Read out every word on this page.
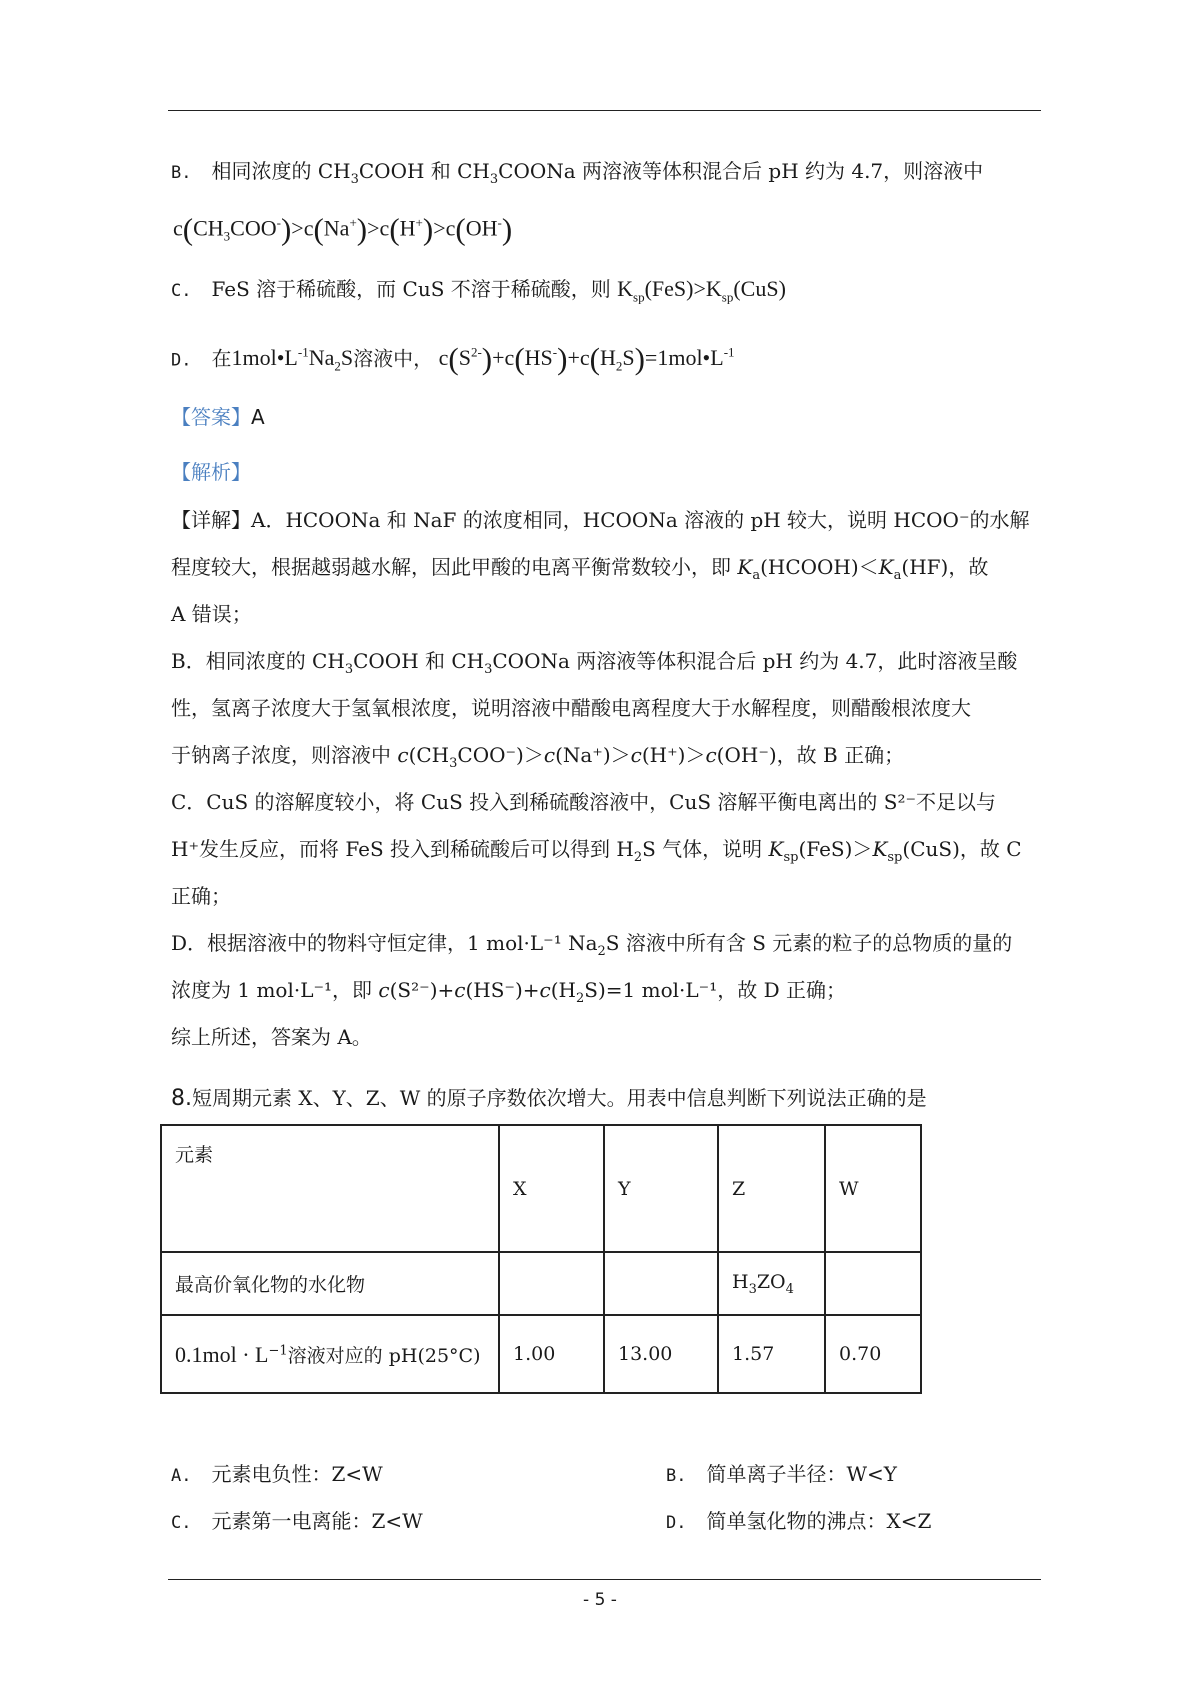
B. 相同浓度的 $CH_3COOH$ 和 $CH_3COONa$ 两溶液等体积混合后 pH 约为 4.7，则溶液中
$c(CH_3COO^-)>c(Na^+)>c(H^+)>c(OH^-)$
C. FeS 溶于稀硫酸，而 CuS 不溶于稀硫酸，则 $K_{sp}(FeS)>K_{sp}(CuS)$
D. 在$1mol•L^{-1}Na_2S$溶液中， $c(S^{2-})+c(HS^-)+c(H_2S)=1mol•L^{-1}$
【答案】A
【解析】
【详解】A．HCOONa 和 NaF 的浓度相同，HCOONa 溶液的 pH 较大，说明 HCOO⁻的水解
程度较大，根据越弱越水解，因此甲酸的电离平衡常数较小，即 $K_a(HCOOH)<K_a(HF)$，故
A 错误；
B．相同浓度的 $CH_3COOH$ 和 $CH_3COONa$ 两溶液等体积混合后 pH 约为 4.7，此时溶液呈酸
性，氢离子浓度大于氢氧根浓度，说明溶液中醋酸电离程度大于水解程度，则醋酸根浓度大
于钠离子浓度，则溶液中 $c(CH_3COO^-)>c(Na^+)>c(H^+)>c(OH^-)$，故 B 正确；
C．CuS 的溶解度较小，将 CuS 投入到稀硫酸溶液中，CuS 溶解平衡电离出的 S²⁻不足以与
H⁺发生反应，而将 FeS 投入到稀硫酸后可以得到 $H_2S$ 气体，说明 $K_{sp}(FeS)>K_{sp}(CuS)$，故 C
正确；
D．根据溶液中的物料守恒定律，1 mol·L⁻¹ $Na_2S$ 溶液中所有含 S 元素的粒子的总物质的量的
浓度为 1 mol·L⁻¹，即 $c(S^{2-})+c(HS^-)+c(H_2S)=1$ mol·L⁻¹，故 D 正确；
综上所述，答案为 A。
8.短周期元素 X、Y、Z、W 的原子序数依次增大。用表中信息判断下列说法正确的是
元素	X	Y	Z	W
最高价氧化物的水化物			$H_3ZO_4$	
$0.1mol \cdot L^{-1}$溶液对应的 pH(25°C)	1.00	13.00	1.57	0.70
A. 元素电负性：Z<W	B. 简单离子半径：W<Y
C. 元素第一电离能：Z<W	D. 简单氢化物的沸点：X<Z
- 5 -
